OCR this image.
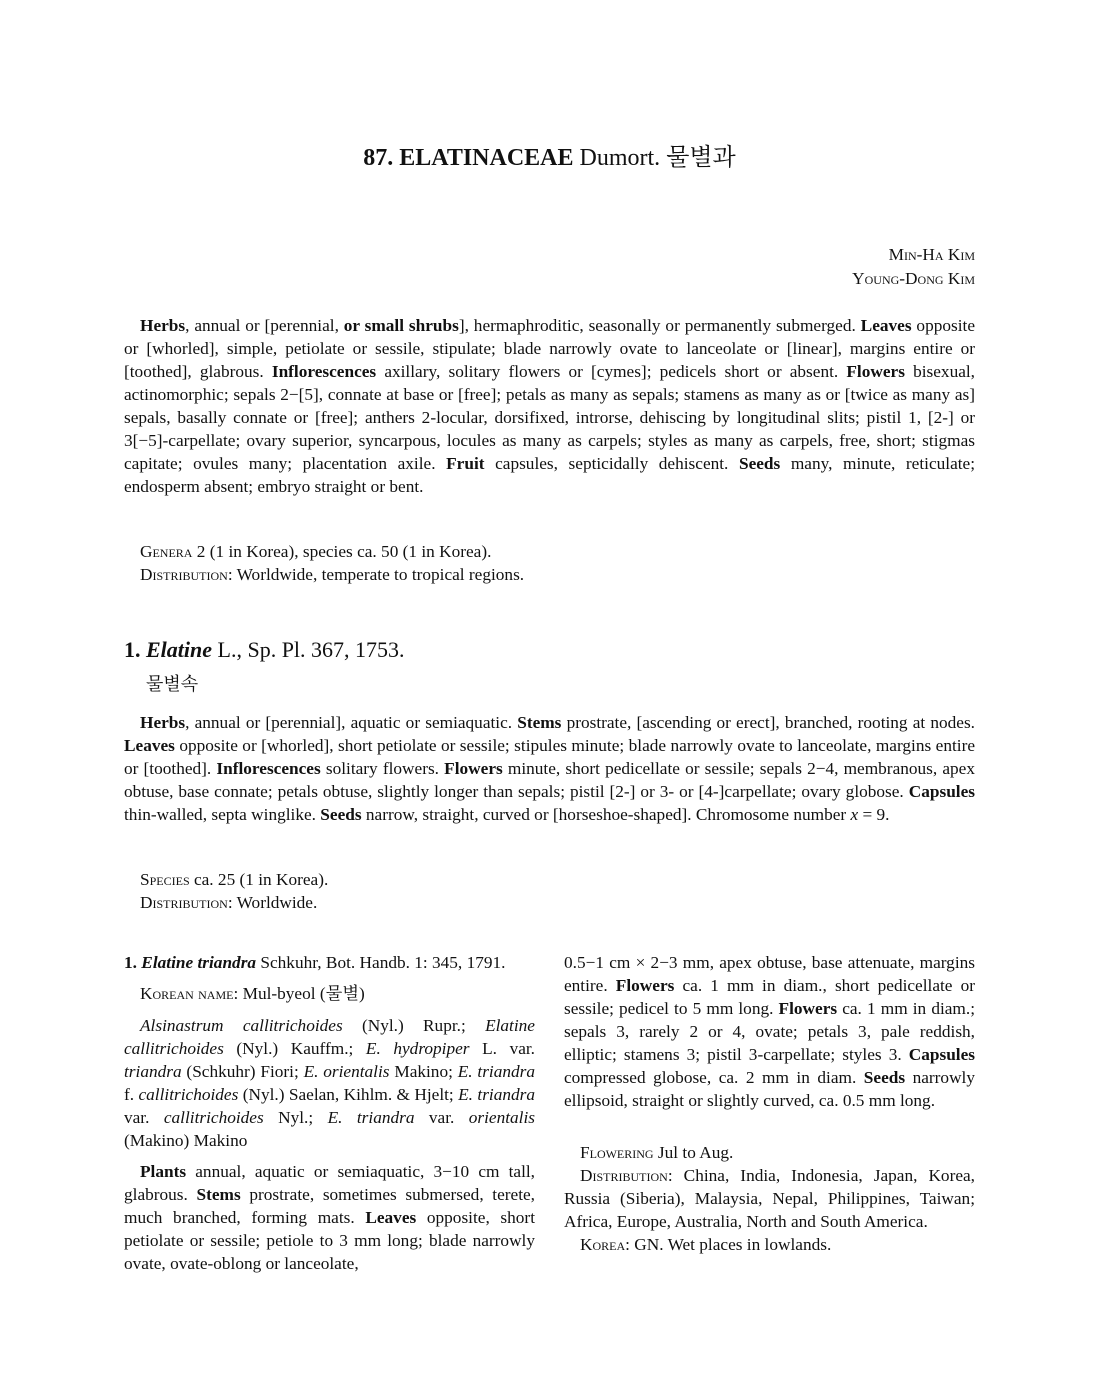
87. ELATINACEAE Dumort. 물별과
Min-Ha Kim
Young-Dong Kim

Herbs, annual or [perennial, or small shrubs], hermaphroditic, seasonally or permanently submerged. Leaves opposite or [whorled], simple, petiolate or sessile, stipulate; blade narrowly ovate to lanceolate or [linear], margins entire or [toothed], glabrous. Inflorescences axillary, solitary flowers or [cymes]; pedicels short or absent. Flowers bisexual, actinomorphic; sepals 2−[5], connate at base or [free]; petals as many as sepals; stamens as many as or [twice as many as] sepals, basally connate or [free]; anthers 2-locular, dorsifixed, introrse, dehiscing by longitudinal slits; pistil 1, [2-] or 3[−5]-carpellate; ovary superior, syncarpous, locules as many as carpels; styles as many as carpels, free, short; stigmas capitate; ovules many; placentation axile. Fruit capsules, septicidally dehiscent. Seeds many, minute, reticulate; endosperm absent; embryo straight or bent.

Genera 2 (1 in Korea), species ca. 50 (1 in Korea).

Distribution: Worldwide, temperate to tropical regions.

1. Elatine L., Sp. Pl. 367, 1753.
물별속

Herbs, annual or [perennial], aquatic or semiaquatic. Stems prostrate, [ascending or erect], branched, rooting at nodes. Leaves opposite or [whorled], short petiolate or sessile; stipules minute; blade narrowly ovate to lanceolate, margins entire or [toothed]. Inflorescences solitary flowers. Flowers minute, short pedicellate or sessile; sepals 2−4, membranous, apex obtuse, base connate; petals obtuse, slightly longer than sepals; pistil [2-] or 3- or [4-]carpellate; ovary globose. Capsules thin-walled, septa winglike. Seeds narrow, straight, curved or [horseshoe-shaped]. Chromosome number x = 9.

Species ca. 25 (1 in Korea).

Distribution: Worldwide.

1. Elatine triandra Schkuhr, Bot. Handb. 1: 345, 1791.

Korean name: Mul-byeol (물별)

Alsinastrum callitrichoides (Nyl.) Rupr.; Elatine callitrichoides (Nyl.) Kauffm.; E. hydropiper L. var. triandra (Schkuhr) Fiori; E. orientalis Makino; E. triandra f. callitrichoides (Nyl.) Saelan, Kihlm. & Hjelt; E. triandra var. callitrichoides Nyl.; E. triandra var. orientalis (Makino) Makino

Plants annual, aquatic or semiaquatic, 3−10 cm tall, glabrous. Stems prostrate, sometimes submersed, terete, much branched, forming mats. Leaves opposite, short petiolate or sessile; petiole to 3 mm long; blade narrowly ovate, ovate-oblong or lanceolate,

0.5−1 cm × 2−3 mm, apex obtuse, base attenuate, margins entire. Flowers ca. 1 mm in diam., short pedicellate or sessile; pedicel to 5 mm long. Flowers ca. 1 mm in diam.; sepals 3, rarely 2 or 4, ovate; petals 3, pale reddish, elliptic; stamens 3; pistil 3-carpellate; styles 3. Capsules compressed globose, ca. 2 mm in diam. Seeds narrowly ellipsoid, straight or slightly curved, ca. 0.5 mm long.

Flowering Jul to Aug.

Distribution: China, India, Indonesia, Japan, Korea, Russia (Siberia), Malaysia, Nepal, Philippines, Taiwan; Africa, Europe, Australia, North and South America.

Korea: GN. Wet places in lowlands.
